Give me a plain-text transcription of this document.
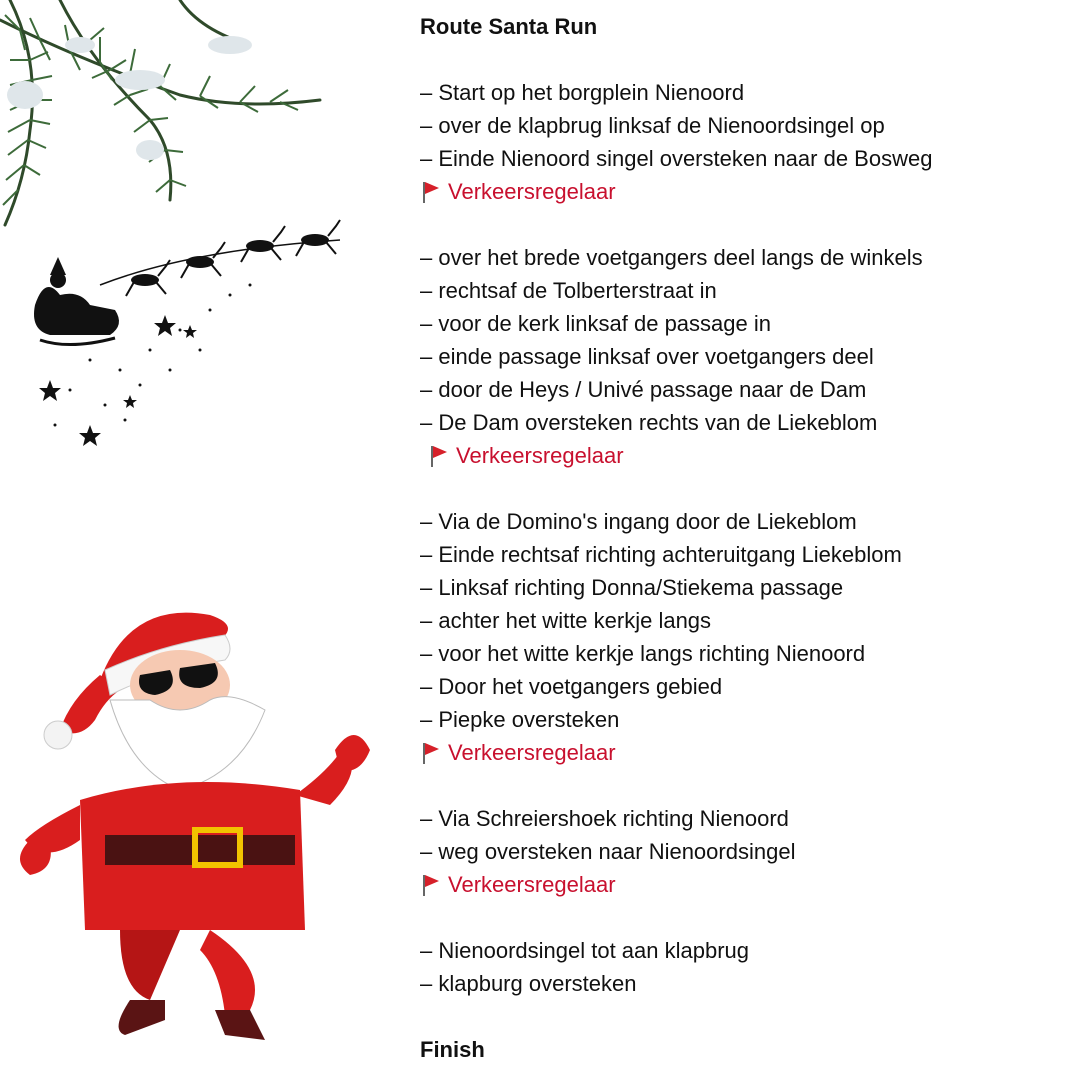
Route Santa Run
– Start op het borgplein Nienoord
– over de klapbrug linksaf de Nienoordsingel op
– Einde Nienoord singel oversteken naar de Bosweg
Verkeersregelaar
– over het brede voetgangers deel langs de winkels
– rechtsaf de Tolberterstraat in
– voor de kerk linksaf de passage in
– einde passage linksaf over voetgangers deel
– door de Heys / Univé passage naar de Dam
– De Dam oversteken rechts van de Liekeblom
Verkeersregelaar
– Via de Domino's ingang door de Liekeblom
– Einde rechtsaf richting achteruitgang Liekeblom
– Linksaf richting Donna/Stiekema passage
– achter het witte kerkje langs
– voor het witte kerkje langs richting Nienoord
– Door het voetgangers gebied
– Piepke oversteken
Verkeersregelaar
– Via Schreiershoek richting Nienoord
– weg oversteken naar Nienoordsingel
Verkeersregelaar
– Nienoordsingel tot aan klapbrug
– klapburg oversteken
Finish
